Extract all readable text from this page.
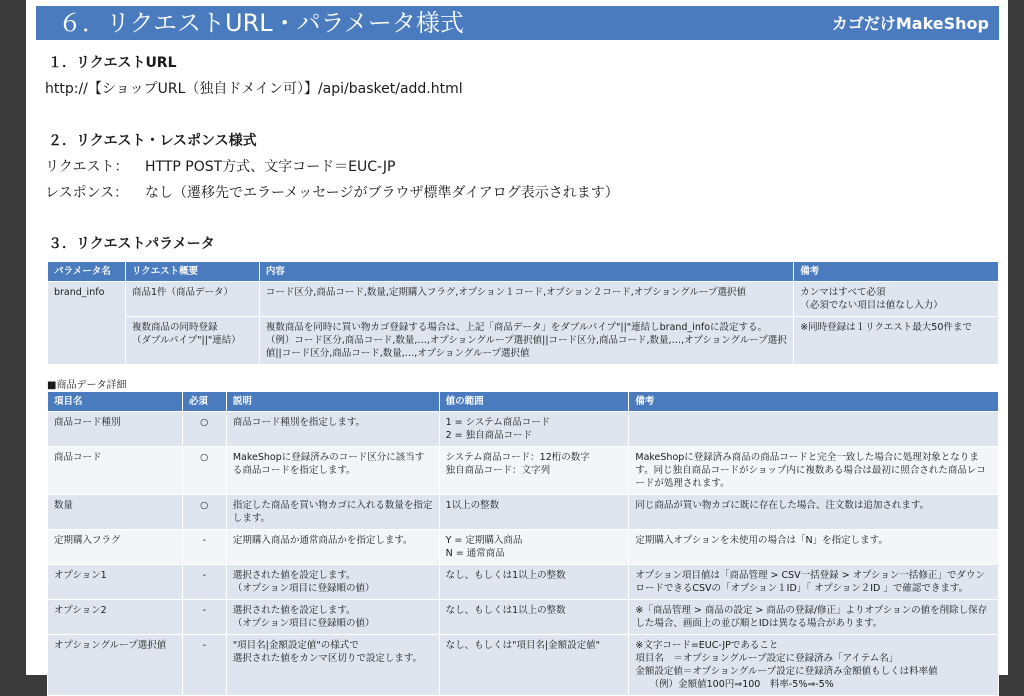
６．リクエストURL・パラメータ様式	カゴだけMakeShop
１．リクエストURL
http://【ショップURL（独自ドメイン可）】/api/basket/add.html
２．リクエスト・レスポンス様式
リクエスト： HTTP POST方式、文字コード＝EUC-JP
レスポンス： なし（遷移先でエラーメッセージがブラウザ標準ダイアログ表示されます）
３．リクエストパラメータ
パラメータ名	リクエスト概要	内容	備考
brand_info	商品1件（商品データ）	コード区分,商品コード,数量,定期購入フラグ,オプション１コード,オプション２コード,オプショングループ選択値	カンマはすべて必須
（必須でない項目は値なし入力）
	複数商品の同時登録
（ダブルパイプ"||"連結）	複数商品を同時に買い物カゴ登録する場合は、上記「商品データ」をダブルパイプ"||"連結しbrand_infoに設定する。
（例）コード区分,商品コード,数量,…,オプショングループ選択値||コード区分,商品コード,数量,…,オプショングループ選択値||コード区分,商品コード,数量,…,オプショングループ選択値	※同時登録は１リクエスト最大50件まで
■商品データ詳細
項目名	必須	説明	値の範囲	備考
商品コード種別	○	商品コード種別を指定します。	1 = システム商品コード
2 = 独自商品コード	
商品コード	○	MakeShopに登録済みのコード区分に該当する商品コードを指定します。	システム商品コード：12桁の数字
独自商品コード：文字列	MakeShopに登録済み商品の商品コードと完全一致した場合に処理対象となります。同じ独自商品コードがショップ内に複数ある場合は最初に照合された商品レコードが処理されます。
数量	○	指定した商品を買い物カゴに入れる数量を指定します。	1以上の整数	同じ商品が買い物カゴに既に存在した場合、注文数は追加されます。
定期購入フラグ	-	定期購入商品か通常商品かを指定します。	Y = 定期購入商品
N = 通常商品	定期購入オプションを未使用の場合は「N」を指定します。
オプション1	-	選択された値を設定します。
（オプション項目に登録順の値）	なし、もしくは1以上の整数	オプション項目値は「商品管理 > CSV一括登録 > オプション一括修正」でダウンロードできるCSVの「オプション１ID」「 オプション２ID 」で確認できます。
オプション2	-	選択された値を設定します。
（オプション項目に登録順の値）	なし、もしくは1以上の整数	※「商品管理 > 商品の設定 > 商品の登録/修正」よりオプションの値を削除し保存した場合、画面上の並び順とIDは異なる場合があります。
オプショングループ選択値	-	"項目名|金額設定値"の様式で
選択された値をカンマ区切りで設定します。	なし、もしくは"項目名|金額設定値"	※文字コード=EUC-JPであること
項目名　＝オプショングループ設定に登録済み「アイテム名」
金額設定値＝オプショングループ設定に登録済み金額値もしくは料率値
　　（例）金額値100円⇒100　料率-5%⇒-5%
